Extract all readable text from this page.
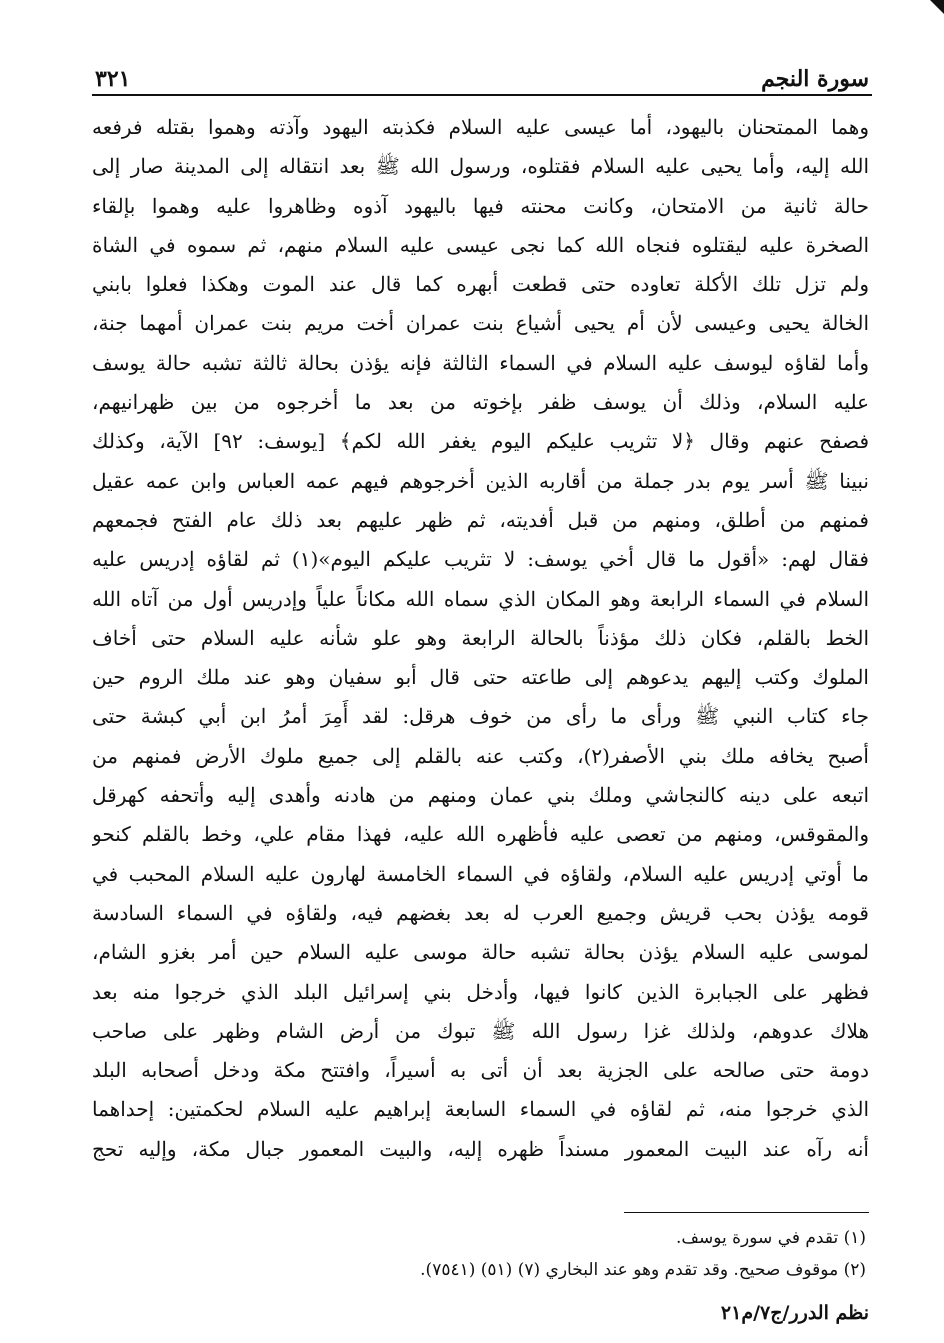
سورة النجم
٣٢١
وهما الممتحنان باليهود، أما عيسى عليه السلام فكذبته اليهود وآذته وهموا بقتله فرفعه
الله إليه، وأما يحيى عليه السلام فقتلوه، ورسول الله ﷺ بعد انتقاله إلى المدينة صار إلى
حالة ثانية من الامتحان، وكانت محنته فيها باليهود آذوه وظاهروا عليه وهموا بإلقاء
الصخرة عليه ليقتلوه فنجاه الله كما نجى عيسى عليه السلام منهم، ثم سموه في الشاة
ولم تزل تلك الأكلة تعاوده حتى قطعت أبهره كما قال عند الموت وهكذا فعلوا بابني
الخالة يحيى وعيسى لأن أم يحيى أشياع بنت عمران أخت مريم بنت عمران أمهما جنة،
وأما لقاؤه ليوسف عليه السلام في السماء الثالثة فإنه يؤذن بحالة ثالثة تشبه حالة يوسف
عليه السلام، وذلك أن يوسف ظفر بإخوته من بعد ما أخرجوه من بين ظهرانيهم،
فصفح عنهم وقال ﴿لا تثريب عليكم اليوم يغفر الله لكم﴾ [يوسف: ٩٢] الآية، وكذلك
نبينا ﷺ أسر يوم بدر جملة من أقاربه الذين أخرجوهم فيهم عمه العباس وابن عمه عقيل
فمنهم من أطلق، ومنهم من قبل أفديته، ثم ظهر عليهم بعد ذلك عام الفتح فجمعهم
فقال لهم: «أقول ما قال أخي يوسف: لا تثريب عليكم اليوم»(١) ثم لقاؤه إدريس عليه
السلام في السماء الرابعة وهو المكان الذي سماه الله مكاناً علياً وإدريس أول من آتاه الله
الخط بالقلم، فكان ذلك مؤذناً بالحالة الرابعة وهو علو شأنه عليه السلام حتى أخاف
الملوك وكتب إليهم يدعوهم إلى طاعته حتى قال أبو سفيان وهو عند ملك الروم حين
جاء كتاب النبي ﷺ ورأى ما رأى من خوف هرقل: لقد أَمِرَ أمرُ ابن أبي كبشة حتى
أصبح يخافه ملك بني الأصفر(٢)، وكتب عنه بالقلم إلى جميع ملوك الأرض فمنهم من
اتبعه على دينه كالنجاشي وملك بني عمان ومنهم من هادنه وأهدى إليه وأتحفه كهرقل
والمقوقس، ومنهم من تعصى عليه فأظهره الله عليه، فهذا مقام علي، وخط بالقلم كنحو
ما أوتي إدريس عليه السلام، ولقاؤه في السماء الخامسة لهارون عليه السلام المحبب في
قومه يؤذن بحب قريش وجميع العرب له بعد بغضهم فيه، ولقاؤه في السماء السادسة
لموسى عليه السلام يؤذن بحالة تشبه حالة موسى عليه السلام حين أمر بغزو الشام،
فظهر على الجبابرة الذين كانوا فيها، وأدخل بني إسرائيل البلد الذي خرجوا منه بعد
هلاك عدوهم، ولذلك غزا رسول الله ﷺ تبوك من أرض الشام وظهر على صاحب
دومة حتى صالحه على الجزية بعد أن أتى به أسيراً، وافتتح مكة ودخل أصحابه البلد
الذي خرجوا منه، ثم لقاؤه في السماء السابعة إبراهيم عليه السلام لحكمتين: إحداهما
أنه رآه عند البيت المعمور مسنداً ظهره إليه، والبيت المعمور جبال مكة، وإليه تحج
(١) تقدم في سورة يوسف.
(٢) موقوف صحيح. وقد تقدم وهو عند البخاري (٧) (٥١) (٧٥٤١).
نظم الدرر/ج٧/م٢١
